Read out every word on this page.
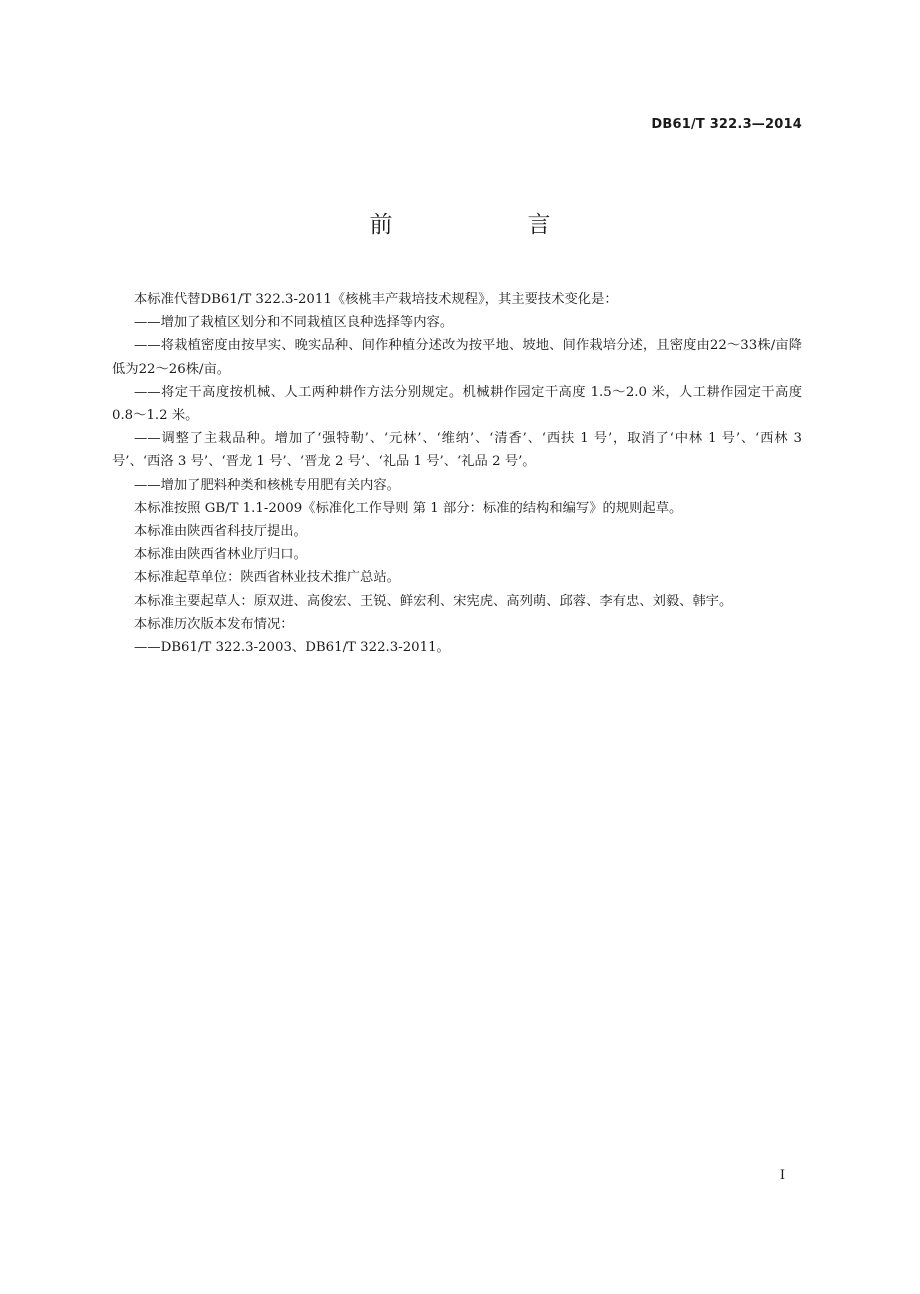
DB61/T 322.3—2014
前　言

本标准代替DB61/T 322.3-2011《核桃丰产栽培技术规程》，其主要技术变化是：

——增加了栽植区划分和不同栽植区良种选择等内容。

——将栽植密度由按早实、晚实品种、间作种植分述改为按平地、坡地、间作栽培分述，且密度由22～33株/亩降低为22～26株/亩。

——将定干高度按机械、人工两种耕作方法分别规定。机械耕作园定干高度 1.5～2.0 米，人工耕作园定干高度 0.8～1.2 米。

——调整了主栽品种。增加了‘强特勒’、‘元林’、‘维纳’、‘清香’、‘西扶 1 号’，取消了‘中林 1 号’、‘西林 3 号’、‘西洛 3 号’、‘晋龙 1 号’、‘晋龙 2 号’、‘礼品 1 号’、‘礼品 2 号’。

——增加了肥料种类和核桃专用肥有关内容。

本标准按照 GB/T 1.1-2009《标准化工作导则 第 1 部分：标准的结构和编写》的规则起草。

本标准由陕西省科技厅提出。

本标准由陕西省林业厅归口。

本标准起草单位：陕西省林业技术推广总站。

本标准主要起草人：原双进、高俊宏、王锐、鲜宏利、宋宪虎、高列萌、邱蓉、李有忠、刘毅、韩宇。

本标准历次版本发布情况：

——DB61/T 322.3-2003、DB61/T 322.3-2011。

I
